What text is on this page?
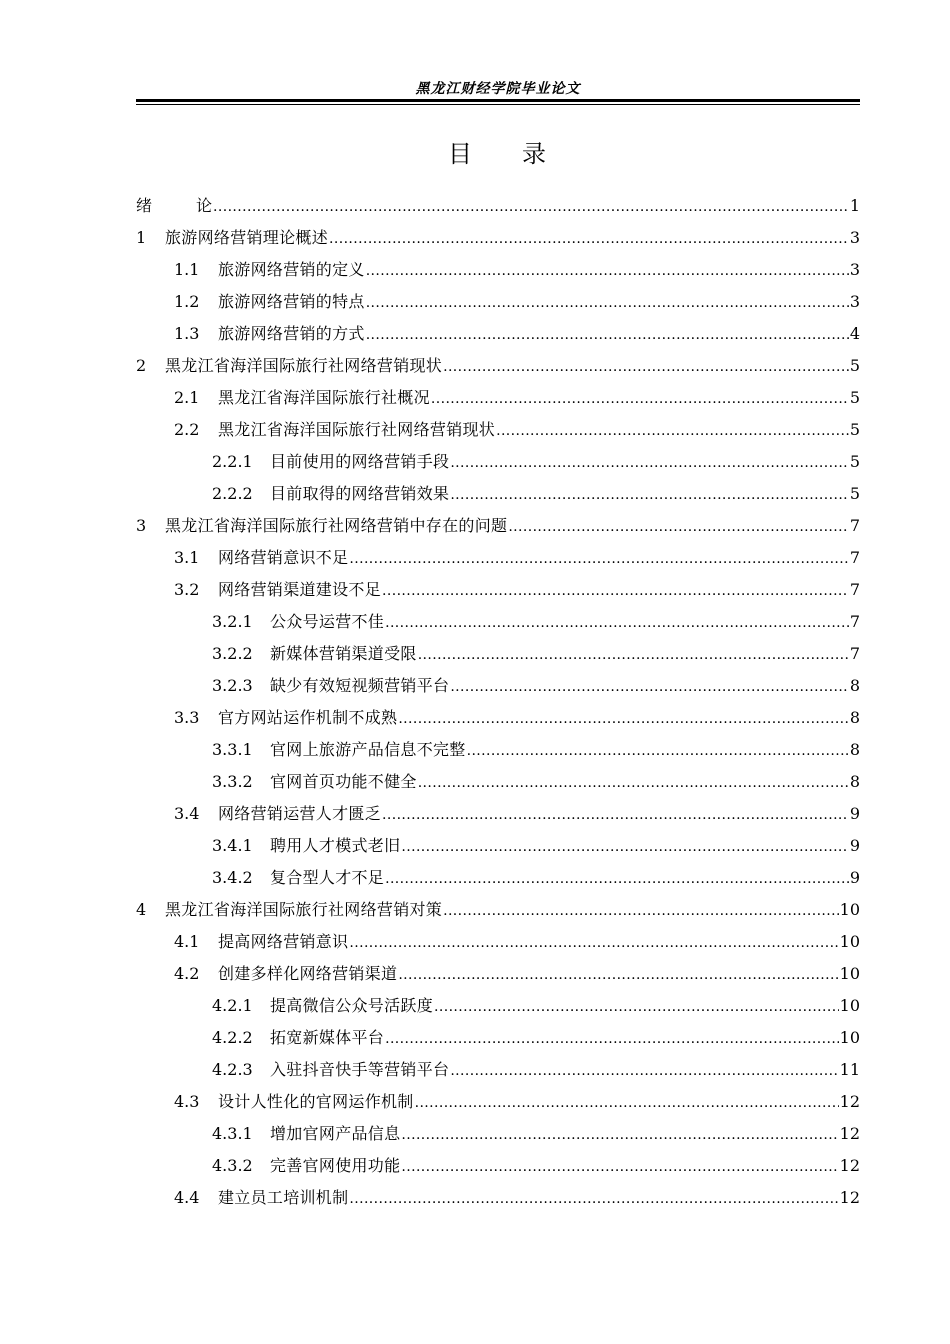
黑龙江财经学院毕业论文
目 录
绪	论 .....	1
1	旅游网络营销理论概述 .....	3
1.1	旅游网络营销的定义 .....	3
1.2	旅游网络营销的特点 .....	3
1.3	旅游网络营销的方式 .....	4
2	黑龙江省海洋国际旅行社网络营销现状 .....	5
2.1	黑龙江省海洋国际旅行社概况 .....	5
2.2	黑龙江省海洋国际旅行社网络营销现状 .....	5
2.2.1	目前使用的网络营销手段 .....	5
2.2.2	目前取得的网络营销效果 .....	5
3	黑龙江省海洋国际旅行社网络营销中存在的问题 .....	7
3.1	网络营销意识不足 .....	7
3.2	网络营销渠道建设不足 .....	7
3.2.1	公众号运营不佳 .....	7
3.2.2	新媒体营销渠道受限 .....	7
3.2.3	缺少有效短视频营销平台 .....	8
3.3	官方网站运作机制不成熟 .....	8
3.3.1	官网上旅游产品信息不完整 .....	8
3.3.2	官网首页功能不健全 .....	8
3.4	网络营销运营人才匮乏 .....	9
3.4.1	聘用人才模式老旧 .....	9
3.4.2	复合型人才不足 .....	9
4	黑龙江省海洋国际旅行社网络营销对策 .....	10
4.1	提高网络营销意识 .....	10
4.2	创建多样化网络营销渠道 .....	10
4.2.1	提高微信公众号活跃度 .....	10
4.2.2	拓宽新媒体平台 .....	10
4.2.3	入驻抖音快手等营销平台 .....	11
4.3	设计人性化的官网运作机制 .....	12
4.3.1	增加官网产品信息 .....	12
4.3.2	完善官网使用功能 .....	12
4.4	建立员工培训机制 .....	12
